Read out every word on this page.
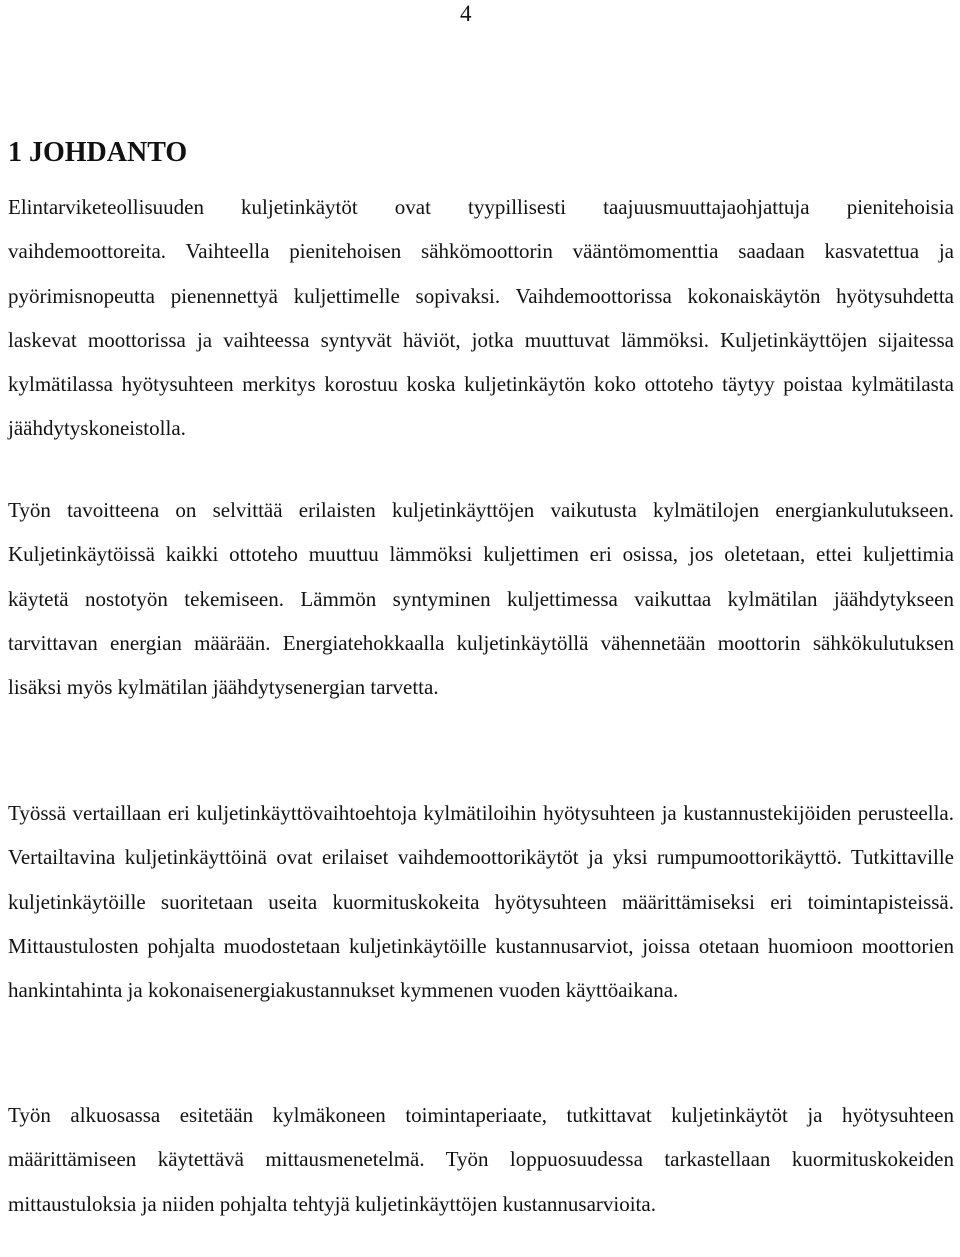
4
1 JOHDANTO

Elintarviketeollisuuden kuljetinkäytöt ovat tyypillisesti taajuusmuuttajaohjattuja pienitehoisia vaihdemoottoreita. Vaihteella pienitehoisen sähkömoottorin vääntömomenttia saadaan kasvatettua ja pyörimisnopeutta pienennettyä kuljettimelle sopivaksi. Vaihdemoottorissa kokonaiskäytön hyötysuhdetta laskevat moottorissa ja vaihteessa syntyvät häviöt, jotka muuttuvat lämmöksi. Kuljetinkäyttöjen sijaitessa kylmätilassa hyötysuhteen merkitys korostuu koska kuljetinkäytön koko ottoteho täytyy poistaa kylmätilasta jäähdytyskoneistolla.

Työn tavoitteena on selvittää erilaisten kuljetinkäyttöjen vaikutusta kylmätilojen energiankulutukseen. Kuljetinkäytöissä kaikki ottoteho muuttuu lämmöksi kuljettimen eri osissa, jos oletetaan, ettei kuljettimia käytetä nostotyön tekemiseen. Lämmön syntyminen kuljettimessa vaikuttaa kylmätilan jäähdytykseen tarvittavan energian määrään. Energiatehokkaalla kuljetinkäytöllä vähennetään moottorin sähkökulutuksen lisäksi myös kylmätilan jäähdytysenergian tarvetta.

Työssä vertaillaan eri kuljetinkäyttövaihtoehtoja kylmätiloihin hyötysuhteen ja kustannustekijöiden perusteella. Vertailtavina kuljetinkäyttöinä ovat erilaiset vaihdemoottorikäytöt ja yksi rumpumoottorikäyttö. Tutkittaville kuljetinkäytöille suoritetaan useita kuormituskokeita hyötysuhteen määrittämiseksi eri toimintapisteissä. Mittaustulosten pohjalta muodostetaan kuljetinkäytöille kustannusarviot, joissa otetaan huomioon moottorien hankintahinta ja kokonaisenergiakustannukset kymmenen vuoden käyttöaikana.

Työn alkuosassa esitetään kylmäkoneen toimintaperiaate, tutkittavat kuljetinkäytöt ja hyötysuhteen määrittämiseen käytettävä mittausmenetelmä. Työn loppuosuudessa tarkastellaan kuormituskokeiden mittaustuloksia ja niiden pohjalta tehtyjä kuljetinkäyttöjen kustannusarvioita.
